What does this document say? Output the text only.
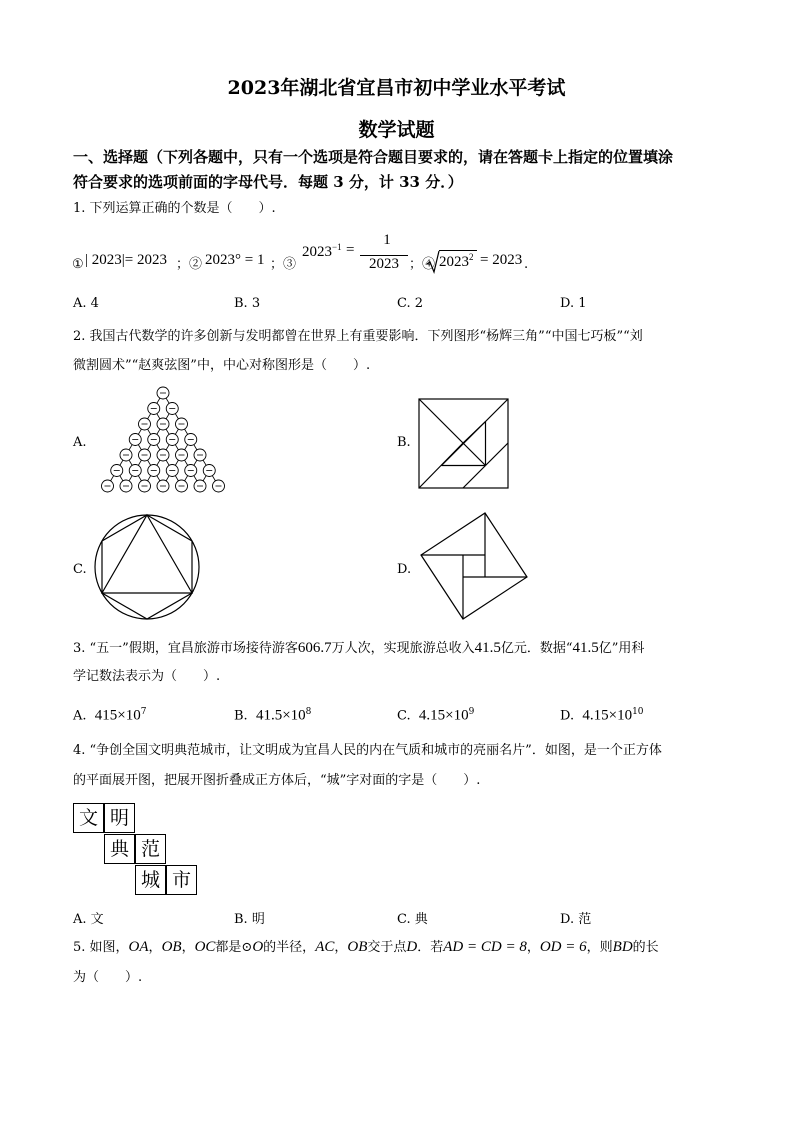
2023年湖北省宜昌市初中学业水平考试
数学试题
一、选择题（下列各题中，只有一个选项是符合题目要求的，请在答题卡上指定的位置填涂
符合要求的选项前面的字母代号．每题 3 分，计 33 分．）
1. 下列运算正确的个数是（　　）.
① | 2023|= 2023 ；② 2023° = 1 ；③
$2023^{-1}$ =
1
2023 ；④ $2023^2 = 2023$ .
A. 4	B. 3	C. 2	D. 1
2. 我国古代数学的许多创新与发明都曾在世界上有重要影响．下列图形“杨辉三角”“中国七巧板”“刘
微割圆术”“赵爽弦图”中，中心对称图形是（　　）.
A.	B.
C.	D.
3. “五一”假期，宜昌旅游市场接待游客606.7万人次，实现旅游总收入41.5亿元．数据“41.5亿”用科
学记数法表示为（　　）.
A. $415\times 10^7$	B. $41.5\times 10^8$	C. $4.15\times 10^9$	D. $4.15\times 10^{10}$
4. “争创全国文明典范城市，让文明成为宜昌人民的内在气质和城市的亮丽名片”．如图，是一个正方体
的平面展开图，把展开图折叠成正方体后，“城”字对面的字是（　　）.
文 明
典 范
城 市
A. 文	B. 明	C. 典	D. 范
5. 如图，OA，OB，OC都是⊙O的半径，AC，OB交于点D．若AD = CD = 8，OD = 6，则BD的长
为（　　）.
